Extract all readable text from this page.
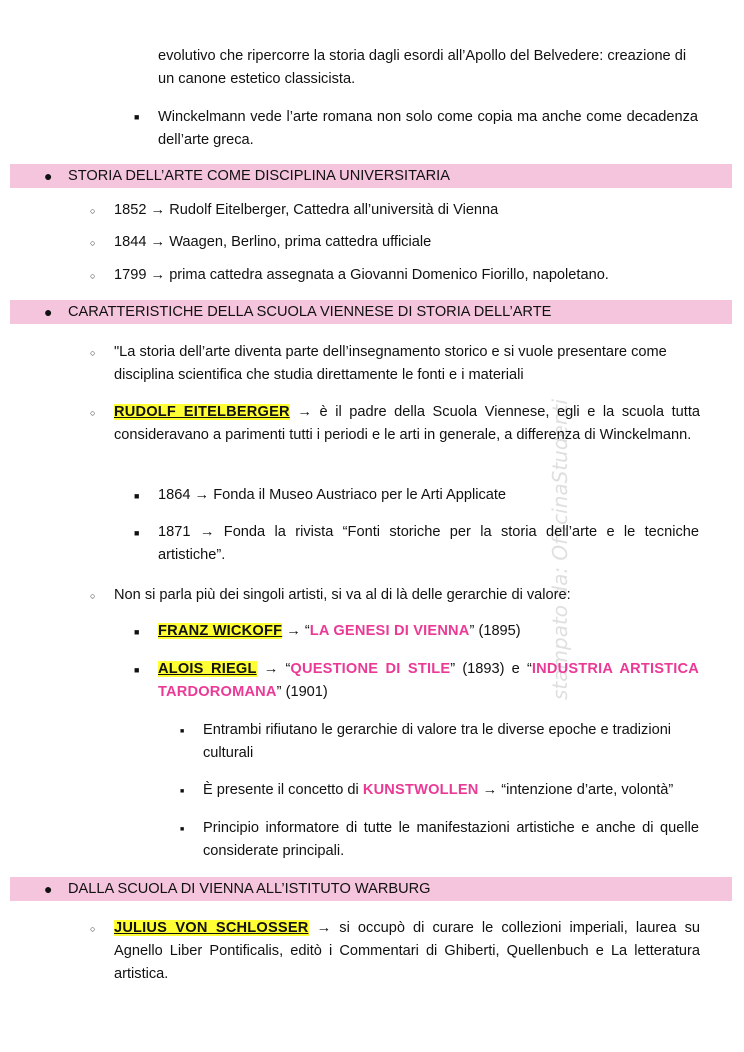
stampato da: OfficinaStudenti
evolutivo che ripercorre la storia dagli esordi all’Apollo del Belvedere: creazione di un canone estetico classicista.
■ Winckelmann vede l’arte romana non solo come copia ma anche come decadenza dell’arte greca.
● STORIA DELL’ARTE COME DISCIPLINA UNIVERSITARIA
○ 1852 → Rudolf Eitelberger, Cattedra all’università di Vienna
○ 1844 → Waagen, Berlino, prima cattedra ufficiale
○ 1799 → prima cattedra assegnata a Giovanni Domenico Fiorillo, napoletano.
● CARATTERISTICHE DELLA SCUOLA VIENNESE DI STORIA DELL’ARTE
○ "La storia dell’arte diventa parte dell’insegnamento storico e si vuole presentare come disciplina scientifica che studia direttamente le fonti e i materiali
○ RUDOLF EITELBERGER → è il padre della Scuola Viennese, egli e la scuola tutta consideravano a parimenti tutti i periodi e le arti in generale, a differenza di Winckelmann.
■ 1864 → Fonda il Museo Austriaco per le Arti Applicate
■ 1871 → Fonda la rivista “Fonti storiche per la storia dell’arte e le tecniche artistiche”.
○ Non si parla più dei singoli artisti, si va al di là delle gerarchie di valore:
■ FRANZ WICKOFF → “LA GENESI DI VIENNA” (1895)
■ ALOIS RIEGL → “QUESTIONE DI STILE” (1893) e “INDUSTRIA ARTISTICA TARDOROMANA” (1901)
■ Entrambi rifiutano le gerarchie di valore tra le diverse epoche e tradizioni culturali
■ È presente il concetto di KUNSTWOLLEN → “intenzione d’arte, volontà”
■ Principio informatore di tutte le manifestazioni artistiche e anche di quelle considerate principali.
● DALLA SCUOLA DI VIENNA ALL’ISTITUTO WARBURG
○ JULIUS VON SCHLOSSER → si occupò di curare le collezioni imperiali, laurea su Agnello Liber Pontificalis, editò i Commentari di Ghiberti, Quellenbuch e La letteratura artistica.
